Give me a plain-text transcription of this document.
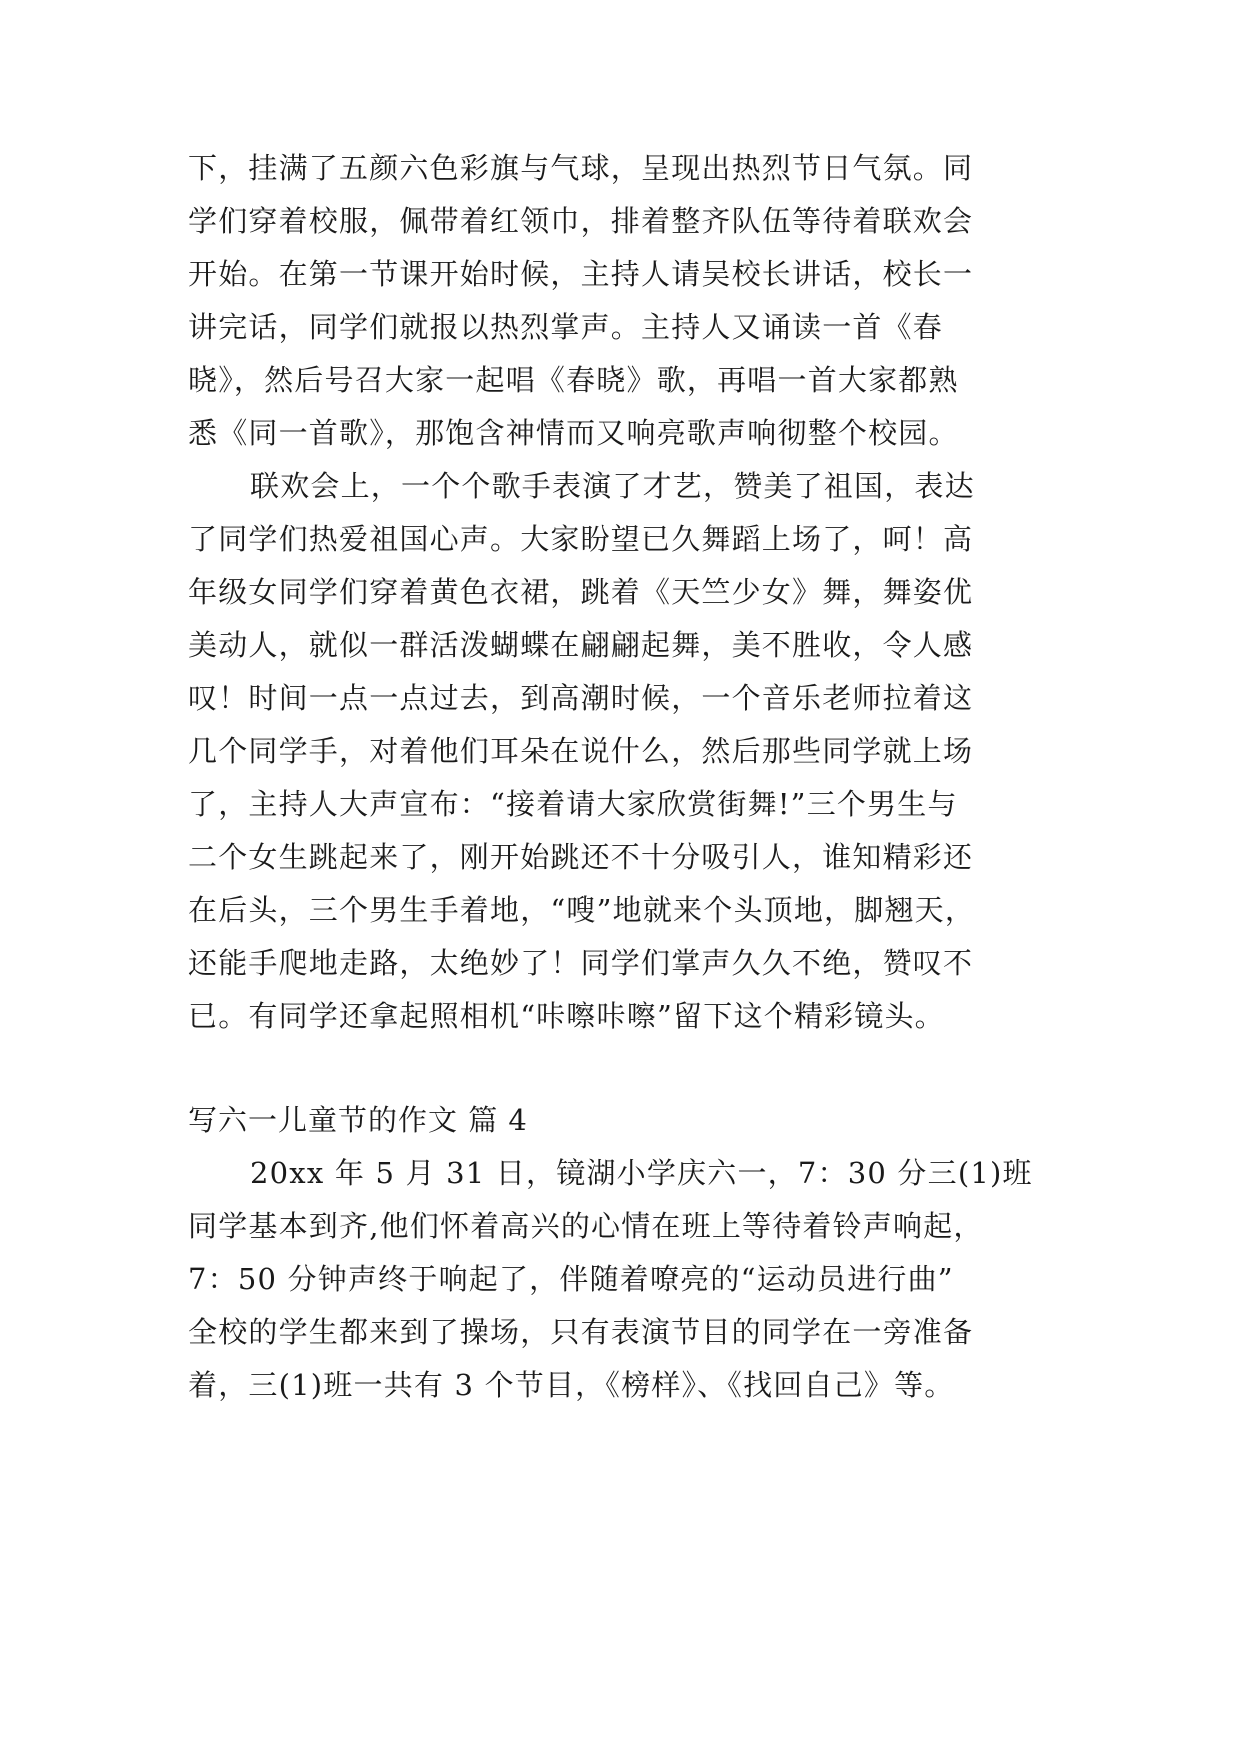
下，挂满了五颜六色彩旗与气球，呈现出热烈节日气氛。同
学们穿着校服，佩带着红领巾，排着整齐队伍等待着联欢会
开始。在第一节课开始时候，主持人请吴校长讲话，校长一
讲完话，同学们就报以热烈掌声。主持人又诵读一首《春
晓》，然后号召大家一起唱《春晓》歌，再唱一首大家都熟
悉《同一首歌》，那饱含神情而又响亮歌声响彻整个校园。
联欢会上，一个个歌手表演了才艺，赞美了祖国，表达
了同学们热爱祖国心声。大家盼望已久舞蹈上场了，呵！高
年级女同学们穿着黄色衣裙，跳着《天竺少女》舞，舞姿优
美动人，就似一群活泼蝴蝶在翩翩起舞，美不胜收，令人感
叹！时间一点一点过去，到高潮时候，一个音乐老师拉着这
几个同学手，对着他们耳朵在说什么，然后那些同学就上场
了，主持人大声宣布：“接着请大家欣赏街舞!”三个男生与
二个女生跳起来了，刚开始跳还不十分吸引人，谁知精彩还
在后头，三个男生手着地，“嗖”地就来个头顶地，脚翘天，
还能手爬地走路，太绝妙了！同学们掌声久久不绝，赞叹不
已。有同学还拿起照相机“咔嚓咔嚓”留下这个精彩镜头。
写六一儿童节的作文 篇 4
20xx 年 5 月 31 日，镜湖小学庆六一，7：30 分三(1)班
同学基本到齐,他们怀着高兴的心情在班上等待着铃声响起，
7：50 分钟声终于响起了，伴随着嘹亮的“运动员进行曲”
全校的学生都来到了操场，只有表演节目的同学在一旁准备
着，三(1)班一共有 3 个节目，《榜样》、《找回自己》等。
